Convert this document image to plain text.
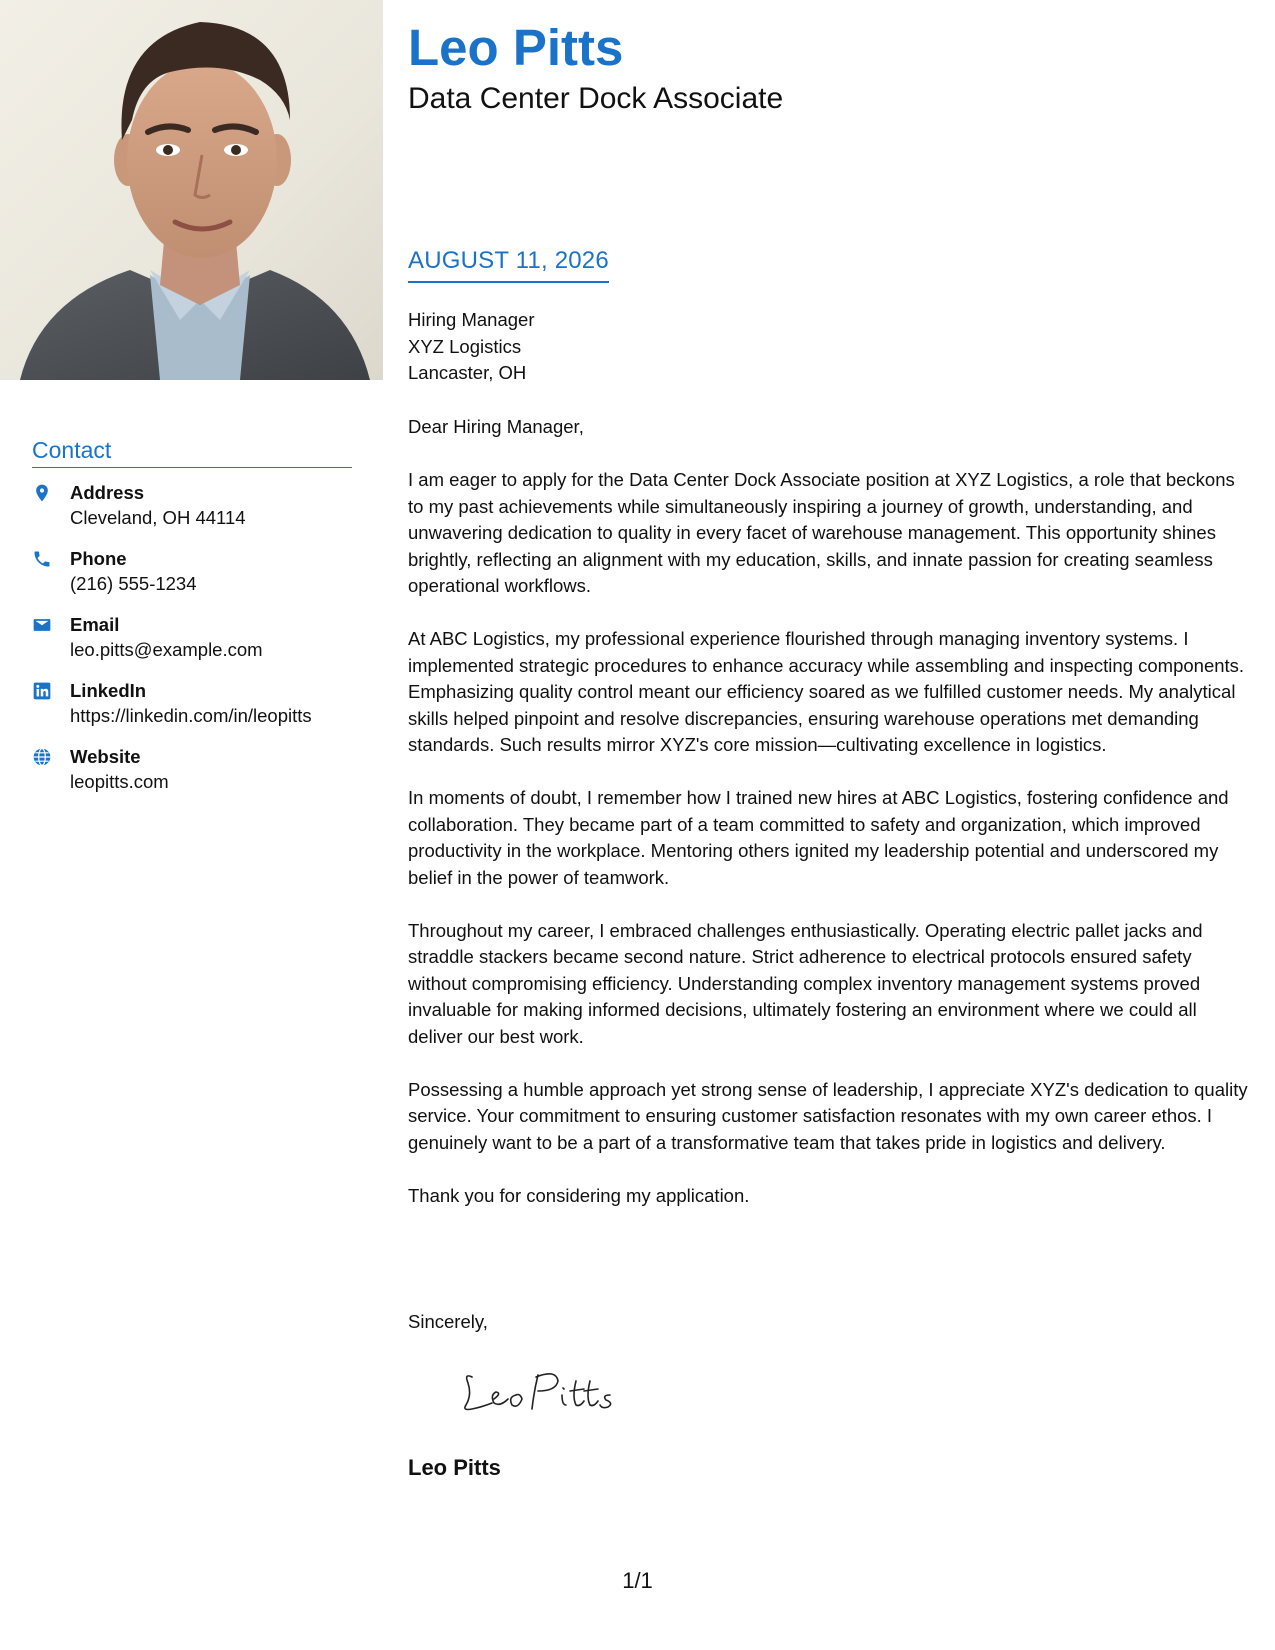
Contact
Address
Cleveland, OH 44114
Phone
(216) 555-1234
Email
leo.pitts@example.com
LinkedIn
https://linkedin.com/in/leopitts
Website
leopitts.com
Leo Pitts
Data Center Dock Associate
AUGUST 11, 2026
Hiring Manager
XYZ Logistics
Lancaster, OH

Dear Hiring Manager,

I am eager to apply for the Data Center Dock Associate position at XYZ Logistics, a role that beckons to my past achievements while simultaneously inspiring a journey of growth, understanding, and unwavering dedication to quality in every facet of warehouse management. This opportunity shines brightly, reflecting an alignment with my education, skills, and innate passion for creating seamless operational workflows.

At ABC Logistics, my professional experience flourished through managing inventory systems. I implemented strategic procedures to enhance accuracy while assembling and inspecting components. Emphasizing quality control meant our efficiency soared as we fulfilled customer needs. My analytical skills helped pinpoint and resolve discrepancies, ensuring warehouse operations met demanding standards. Such results mirror XYZ's core mission—cultivating excellence in logistics.

In moments of doubt, I remember how I trained new hires at ABC Logistics, fostering confidence and collaboration. They became part of a team committed to safety and organization, which improved productivity in the workplace. Mentoring others ignited my leadership potential and underscored my belief in the power of teamwork.

Throughout my career, I embraced challenges enthusiastically. Operating electric pallet jacks and straddle stackers became second nature. Strict adherence to electrical protocols ensured safety without compromising efficiency. Understanding complex inventory management systems proved invaluable for making informed decisions, ultimately fostering an environment where we could all deliver our best work.

Possessing a humble approach yet strong sense of leadership, I appreciate XYZ's dedication to quality service. Your commitment to ensuring customer satisfaction resonates with my own career ethos. I genuinely want to be a part of a transformative team that takes pride in logistics and delivery.

Thank you for considering my application.

Sincerely,
Leo Pitts
1/1
